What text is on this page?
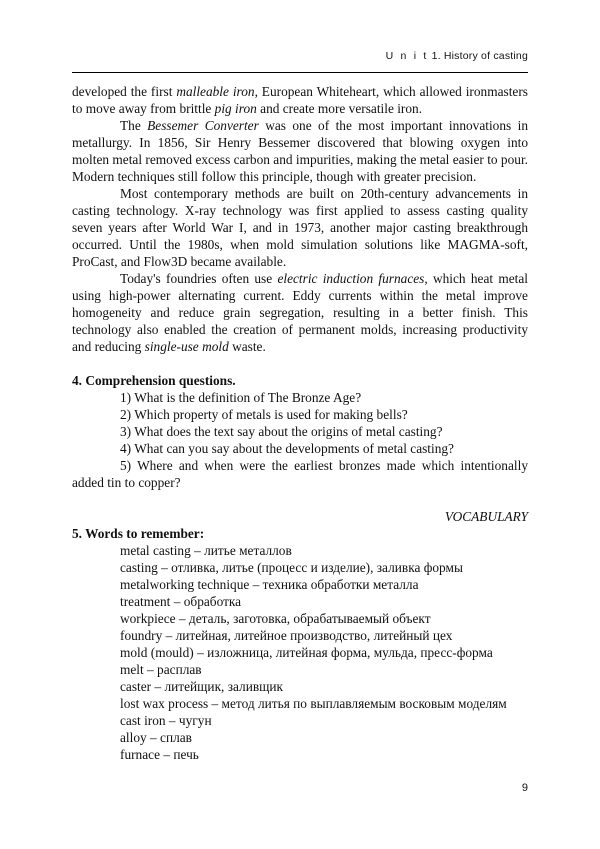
U n i t 1. History of casting

developed the first malleable iron, European Whiteheart, which allowed ironmasters to move away from brittle pig iron and create more versatile iron.

The Bessemer Converter was one of the most important innovations in metallurgy. In 1856, Sir Henry Bessemer discovered that blowing oxygen into molten metal removed excess carbon and impurities, making the metal easier to pour. Modern techniques still follow this principle, though with greater precision.

Most contemporary methods are built on 20th-century advancements in casting technology. X-ray technology was first applied to assess casting quality seven years after World War I, and in 1973, another major casting breakthrough occurred. Until the 1980s, when mold simulation solutions like MAGMA-soft, ProCast, and Flow3D became available.

Today's foundries often use electric induction furnaces, which heat metal using high-power alternating current. Eddy currents within the metal improve homogeneity and reduce grain segregation, resulting in a better finish. This technology also enabled the creation of permanent molds, increasing productivity and reducing single-use mold waste.

4. Comprehension questions.

1) What is the definition of The Bronze Age?

2) Which property of metals is used for making bells?

3) What does the text say about the origins of metal casting?

4) What can you say about the developments of metal casting?

5) Where and when were the earliest bronzes made which intentionally added tin to copper?

VOCABULARY

5. Words to remember:

metal casting – литье металлов

casting – отливка, литье (процесс и изделие), заливка формы

metalworking technique – техника обработки металла

treatment – обработка

workpiece – деталь, заготовка, обрабатываемый объект

foundry – литейная, литейное производство, литейный цех

mold (mould) – изложница, литейная форма, мульда, пресс-форма

melt – расплав

caster – литейщик, заливщик

lost wax process – метод литья по выплавляемым восковым моделям

cast iron – чугун

alloy – сплав

furnace – печь

9
